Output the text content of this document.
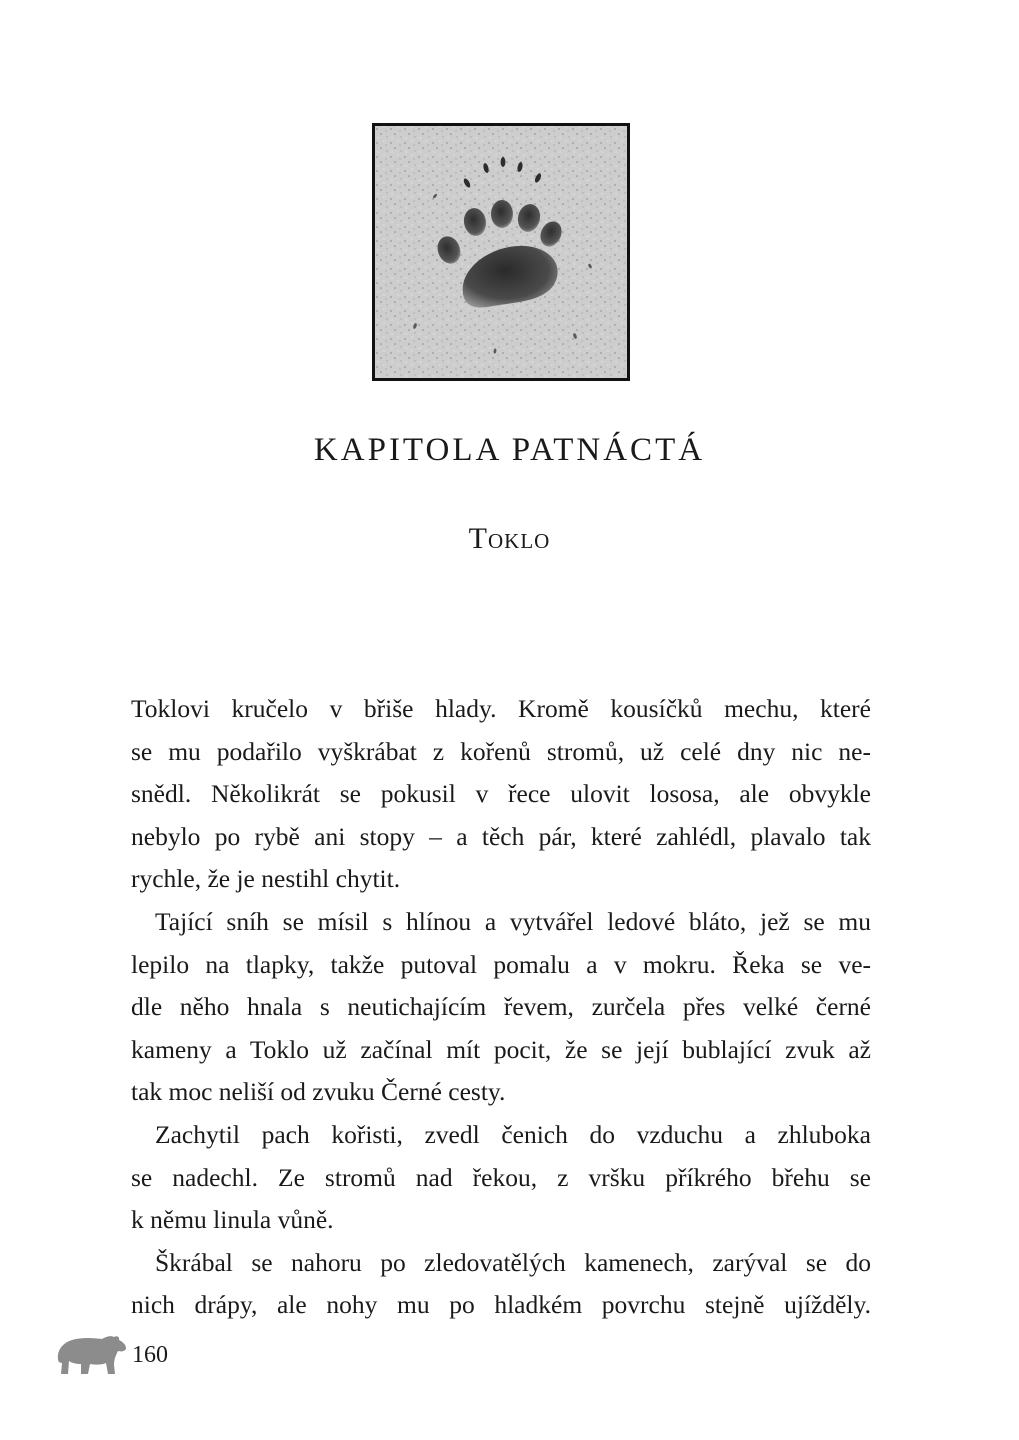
KAPITOLA PATNÁCTÁ
Toklo

Toklovi kručelo v břiše hlady. Kromě kousíčků mechu, které
se mu podařilo vyškrábat z kořenů stromů, už celé dny nic ne-
snědl. Několikrát se pokusil v řece ulovit lososa, ale obvykle
nebylo po rybě ani stopy – a těch pár, které zahlédl, plavalo tak
rychle, že je nestihl chytit.

Tající sníh se mísil s hlínou a vytvářel ledové bláto, jež se mu
lepilo na tlapky, takže putoval pomalu a v mokru. Řeka se ve-
dle něho hnala s neutichajícím řevem, zurčela přes velké černé
kameny a Toklo už začínal mít pocit, že se její bublající zvuk až
tak moc neliší od zvuku Černé cesty.

Zachytil pach kořisti, zvedl čenich do vzduchu a zhluboka
se nadechl. Ze stromů nad řekou, z vršku příkrého břehu se
k němu linula vůně.

Škrábal se nahoru po zledovatělých kamenech, zarýval se do
nich drápy, ale nohy mu po hladkém povrchu stejně ujížděly.

160
